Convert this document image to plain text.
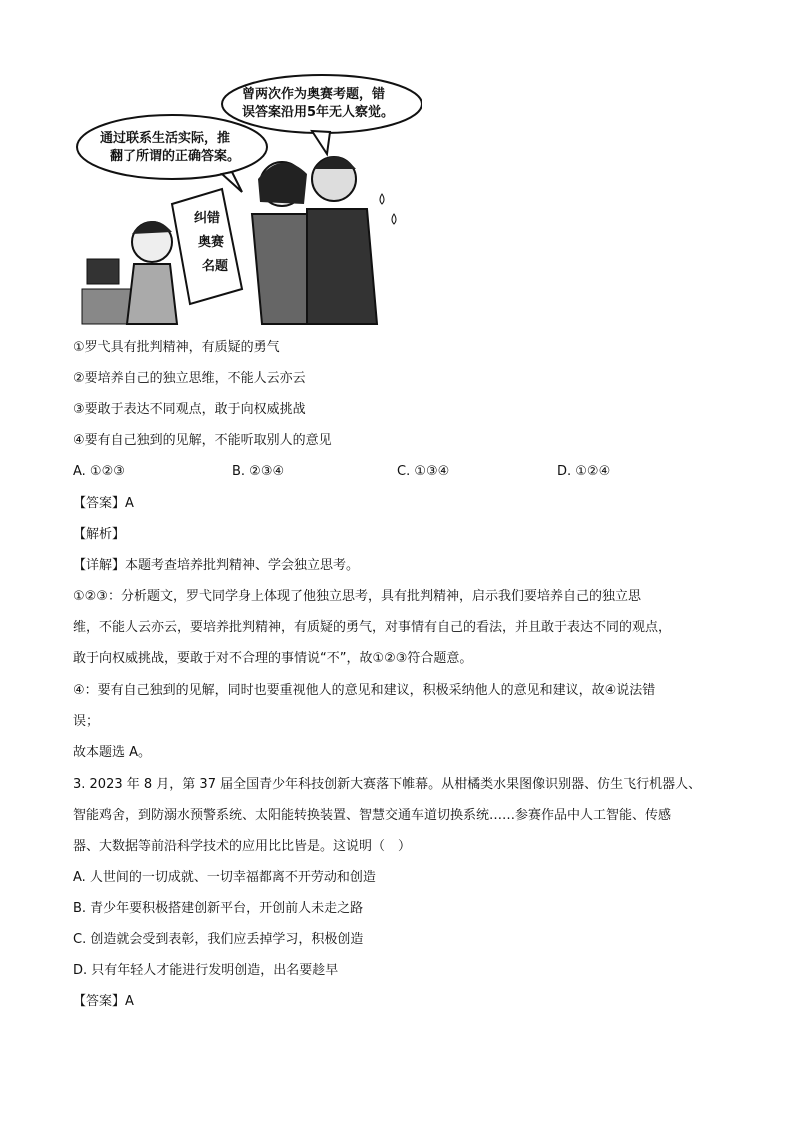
通过联系生活实际，推
翻了所谓的正确答案。
曾两次作为奥赛考题，错
误答案沿用5年无人察觉。
纠错
奥赛
名题
①罗弋具有批判精神，有质疑的勇气
②要培养自己的独立思维，不能人云亦云
③要敢于表达不同观点，敢于向权威挑战
④要有自己独到的见解，不能听取别人的意见
A. ①②③	B. ②③④	C. ①③④	D. ①②④
【答案】A
【解析】
【详解】本题考查培养批判精神、学会独立思考。
①②③：分析题文，罗弋同学身上体现了他独立思考，具有批判精神，启示我们要培养自己的独立思
维，不能人云亦云，要培养批判精神，有质疑的勇气，对事情有自己的看法，并且敢于表达不同的观点，
敢于向权威挑战，要敢于对不合理的事情说“不”，故①②③符合题意。
④：要有自己独到的见解，同时也要重视他人的意见和建议，积极采纳他人的意见和建议，故④说法错
误；
故本题选 A。
3. 2023 年 8 月，第 37 届全国青少年科技创新大赛落下帷幕。从柑橘类水果图像识别器、仿生飞行机器人、
智能鸡舍，到防溺水预警系统、太阳能转换装置、智慧交通车道切换系统……参赛作品中人工智能、传感
器、大数据等前沿科学技术的应用比比皆是。这说明（　）
A. 人世间的一切成就、一切幸福都离不开劳动和创造
B. 青少年要积极搭建创新平台，开创前人未走之路
C. 创造就会受到表彰，我们应丢掉学习，积极创造
D. 只有年轻人才能进行发明创造，出名要趁早
【答案】A
